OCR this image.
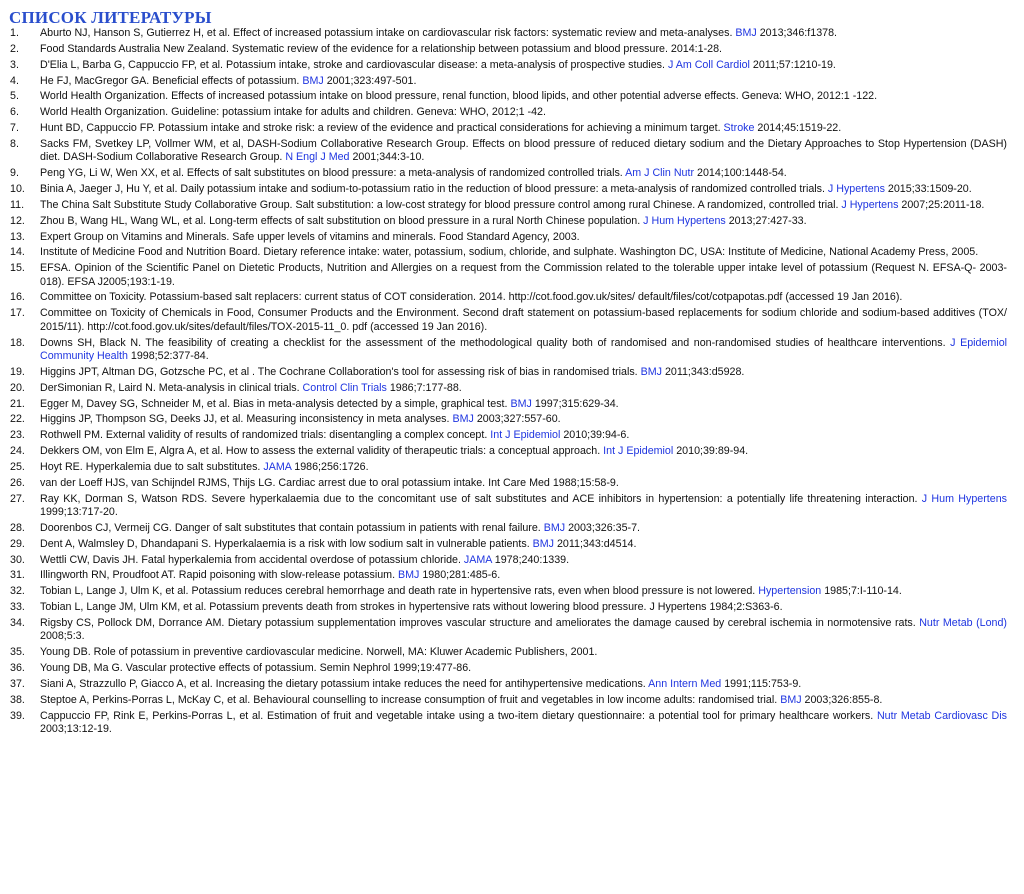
СПИСОК ЛИТЕРАТУРЫ
1. Aburto NJ, Hanson S, Gutierrez H, et al. Effect of increased potassium intake on cardiovascular risk factors: systematic review and meta-analyses. BMJ 2013;346:f1378.
2. Food Standards Australia New Zealand. Systematic review of the evidence for a relationship between potassium and blood pressure. 2014:1-28.
3. D'Elia L, Barba G, Cappuccio FP, et al. Potassium intake, stroke and cardiovascular disease: a meta-analysis of prospective studies. J Am Coll Cardiol 2011;57:1210-19.
4. He FJ, MacGregor GA. Beneficial effects of potassium. BMJ 2001;323:497-501.
5. World Health Organization. Effects of increased potassium intake on blood pressure, renal function, blood lipids, and other potential adverse effects. Geneva: WHO, 2012:1 -122.
6. World Health Organization. Guideline: potassium intake for adults and children. Geneva: WHO, 2012;1 -42.
7. Hunt BD, Cappuccio FP. Potassium intake and stroke risk: a review of the evidence and practical considerations for achieving a minimum target. Stroke 2014;45:1519-22.
8. Sacks FM, Svetkey LP, Vollmer WM, et al, DASH-Sodium Collaborative Research Group. Effects on blood pressure of reduced dietary sodium and the Dietary Approaches to Stop Hypertension (DASH) diet. DASH-Sodium Collaborative Research Group. N Engl J Med 2001;344:3-10.
9. Peng YG, Li W, Wen XX, et al. Effects of salt substitutes on blood pressure: a meta-analysis of randomized controlled trials. Am J Clin Nutr 2014;100:1448-54.
10. Binia A, Jaeger J, Hu Y, et al. Daily potassium intake and sodium-to-potassium ratio in the reduction of blood pressure: a meta-analysis of randomized controlled trials. J Hypertens 2015;33:1509-20.
11. The China Salt Substitute Study Collaborative Group. Salt substitution: a low-cost strategy for blood pressure control among rural Chinese. A randomized, controlled trial. J Hypertens 2007;25:2011-18.
12. Zhou B, Wang HL, Wang WL, et al. Long-term effects of salt substitution on blood pressure in a rural North Chinese population. J Hum Hypertens 2013;27:427-33.
13. Expert Group on Vitamins and Minerals. Safe upper levels of vitamins and minerals. Food Standard Agency, 2003.
14. Institute of Medicine Food and Nutrition Board. Dietary reference intake: water, potassium, sodium, chloride, and sulphate. Washington DC, USA: Institute of Medicine, National Academy Press, 2005.
15. EFSA. Opinion of the Scientific Panel on Dietetic Products, Nutrition and Allergies on a request from the Commission related to the tolerable upper intake level of potassium (Request N. EFSA-Q- 2003-018). EFSA J2005;193:1-19.
16. Committee on Toxicity. Potassium-based salt replacers: current status of COT consideration. 2014. http://cot.food.gov.uk/sites/ default/files/cot/cotpapotas.pdf (accessed 19 Jan 2016).
17. Committee on Toxicity of Chemicals in Food, Consumer Products and the Environment. Second draft statement on potassium-based replacements for sodium chloride and sodium-based additives (TOX/ 2015/11). http://cot.food.gov.uk/sites/default/files/TOX-2015-11_0. pdf (accessed 19 Jan 2016).
18. Downs SH, Black N. The feasibility of creating a checklist for the assessment of the methodological quality both of randomised and non-randomised studies of healthcare interventions. J Epidemiol Community Health 1998;52:377-84.
19. Higgins JPT, Altman DG, Gotzsche PC, et al . The Cochrane Collaboration's tool for assessing risk of bias in randomised trials. BMJ 2011;343:d5928.
20. DerSimonian R, Laird N. Meta-analysis in clinical trials. Control Clin Trials 1986;7:177-88.
21. Egger M, Davey SG, Schneider M, et al. Bias in meta-analysis detected by a simple, graphical test. BMJ 1997;315:629-34.
22. Higgins JP, Thompson SG, Deeks JJ, et al. Measuring inconsistency in meta analyses. BMJ 2003;327:557-60.
23. Rothwell PM. External validity of results of randomized trials: disentangling a complex concept. Int J Epidemiol 2010;39:94-6.
24. Dekkers OM, von Elm E, Algra A, et al. How to assess the external validity of therapeutic trials: a conceptual approach. Int J Epidemiol 2010;39:89-94.
25. Hoyt RE. Hyperkalemia due to salt substitutes. JAMA 1986;256:1726.
26. van der Loeff HJS, van Schijndel RJMS, Thijs LG. Cardiac arrest due to oral potassium intake. Int Care Med 1988;15:58-9.
27. Ray KK, Dorman S, Watson RDS. Severe hyperkalaemia due to the concomitant use of salt substitutes and ACE inhibitors in hypertension: a potentially life threatening interaction. J Hum Hypertens 1999;13:717-20.
28. Doorenbos CJ, Vermeij CG. Danger of salt substitutes that contain potassium in patients with renal failure. BMJ 2003;326:35-7.
29. Dent A, Walmsley D, Dhandapani S. Hyperkalaemia is a risk with low sodium salt in vulnerable patients. BMJ 2011;343:d4514.
30. Wettli CW, Davis JH. Fatal hyperkalemia from accidental overdose of potassium chloride. JAMA 1978;240:1339.
31. Illingworth RN, Proudfoot AT. Rapid poisoning with slow-release potassium. BMJ 1980;281:485-6.
32. Tobian L, Lange J, Ulm K, et al. Potassium reduces cerebral hemorrhage and death rate in hypertensive rats, even when blood pressure is not lowered. Hypertension 1985;7:I-110-14.
33. Tobian L, Lange JM, Ulm KM, et al. Potassium prevents death from strokes in hypertensive rats without lowering blood pressure. J Hypertens 1984;2:S363-6.
34. Rigsby CS, Pollock DM, Dorrance AM. Dietary potassium supplementation improves vascular structure and ameliorates the damage caused by cerebral ischemia in normotensive rats. Nutr Metab (Lond) 2008;5:3.
35. Young DB. Role of potassium in preventive cardiovascular medicine. Norwell, MA: Kluwer Academic Publishers, 2001.
36. Young DB, Ma G. Vascular protective effects of potassium. Semin Nephrol 1999;19:477-86.
37. Siani A, Strazzullo P, Giacco A, et al. Increasing the dietary potassium intake reduces the need for antihypertensive medications. Ann Intern Med 1991;115:753-9.
38. Steptoe A, Perkins-Porras L, McKay C, et al. Behavioural counselling to increase consumption of fruit and vegetables in low income adults: randomised trial. BMJ 2003;326:855-8.
39. Cappuccio FP, Rink E, Perkins-Porras L, et al. Estimation of fruit and vegetable intake using a two-item dietary questionnaire: a potential tool for primary healthcare workers. Nutr Metab Cardiovasc Dis 2003;13:12-19.
